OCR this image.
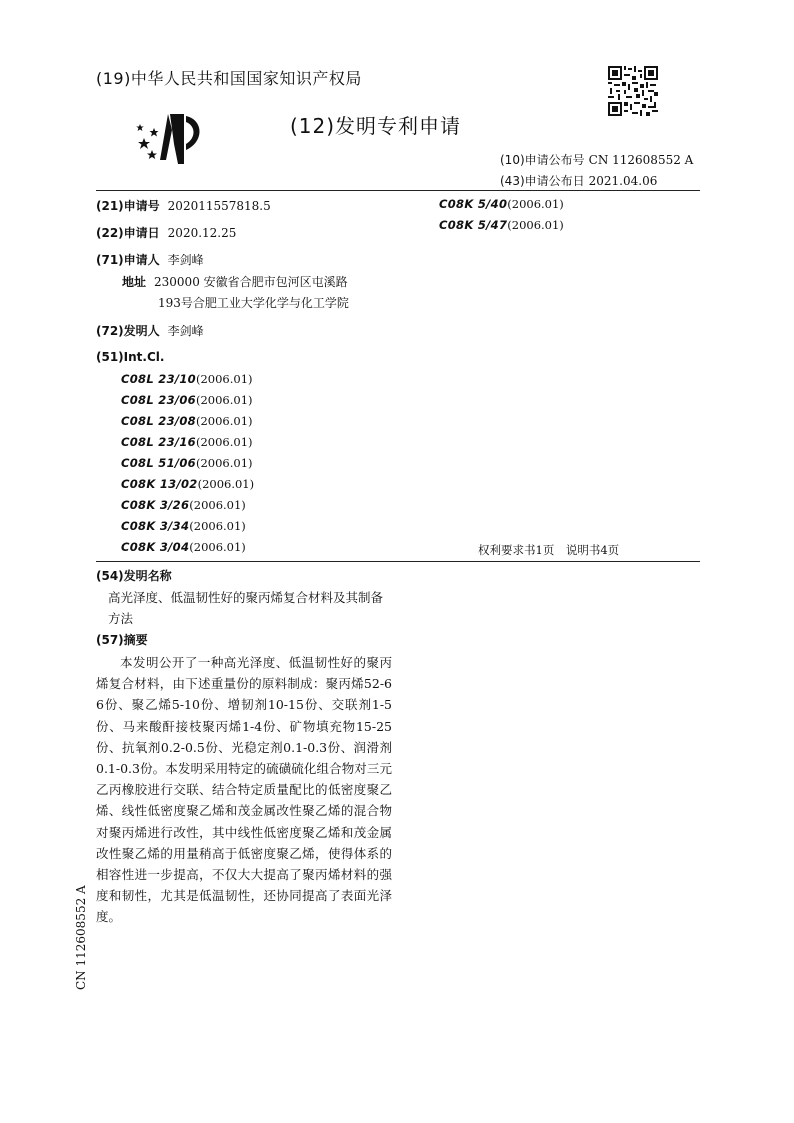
(19)中华人民共和国国家知识产权局
(12)发明专利申请
(10)申请公布号 CN 112608552 A
(43)申请公布日 2021.04.06
(21)申请号 202011557818.5
(22)申请日 2020.12.25
(71)申请人 李剑峰
地址 230000 安徽省合肥市包河区屯溪路
193号合肥工业大学化学与化工学院
(72)发明人 李剑峰
(51)Int.Cl.
C08L 23/10(2006.01)
C08L 23/06(2006.01)
C08L 23/08(2006.01)
C08L 23/16(2006.01)
C08L 51/06(2006.01)
C08K 13/02(2006.01)
C08K 3/26(2006.01)
C08K 3/34(2006.01)
C08K 3/04(2006.01)
C08K 5/40(2006.01)
C08K 5/47(2006.01)
权利要求书1页　说明书4页
(54)发明名称
高光泽度、低温韧性好的聚丙烯复合材料及其制备方法
(57)摘要
本发明公开了一种高光泽度、低温韧性好的聚丙烯复合材料，由下述重量份的原料制成：聚丙烯52-66份、聚乙烯5-10份、增韧剂10-15份、交联剂1-5份、马来酸酐接枝聚丙烯1-4份、矿物填充物15-25份、抗氧剂0.2-0.5份、光稳定剂0.1-0.3份、润滑剂0.1-0.3份。本发明采用特定的硫磺硫化组合物对三元乙丙橡胶进行交联、结合特定质量配比的低密度聚乙烯、线性低密度聚乙烯和茂金属改性聚乙烯的混合物对聚丙烯进行改性，其中线性低密度聚乙烯和茂金属改性聚乙烯的用量稍高于低密度聚乙烯，使得体系的相容性进一步提高，不仅大大提高了聚丙烯材料的强度和韧性，尤其是低温韧性，还协同提高了表面光泽度。
CN 112608552 A
